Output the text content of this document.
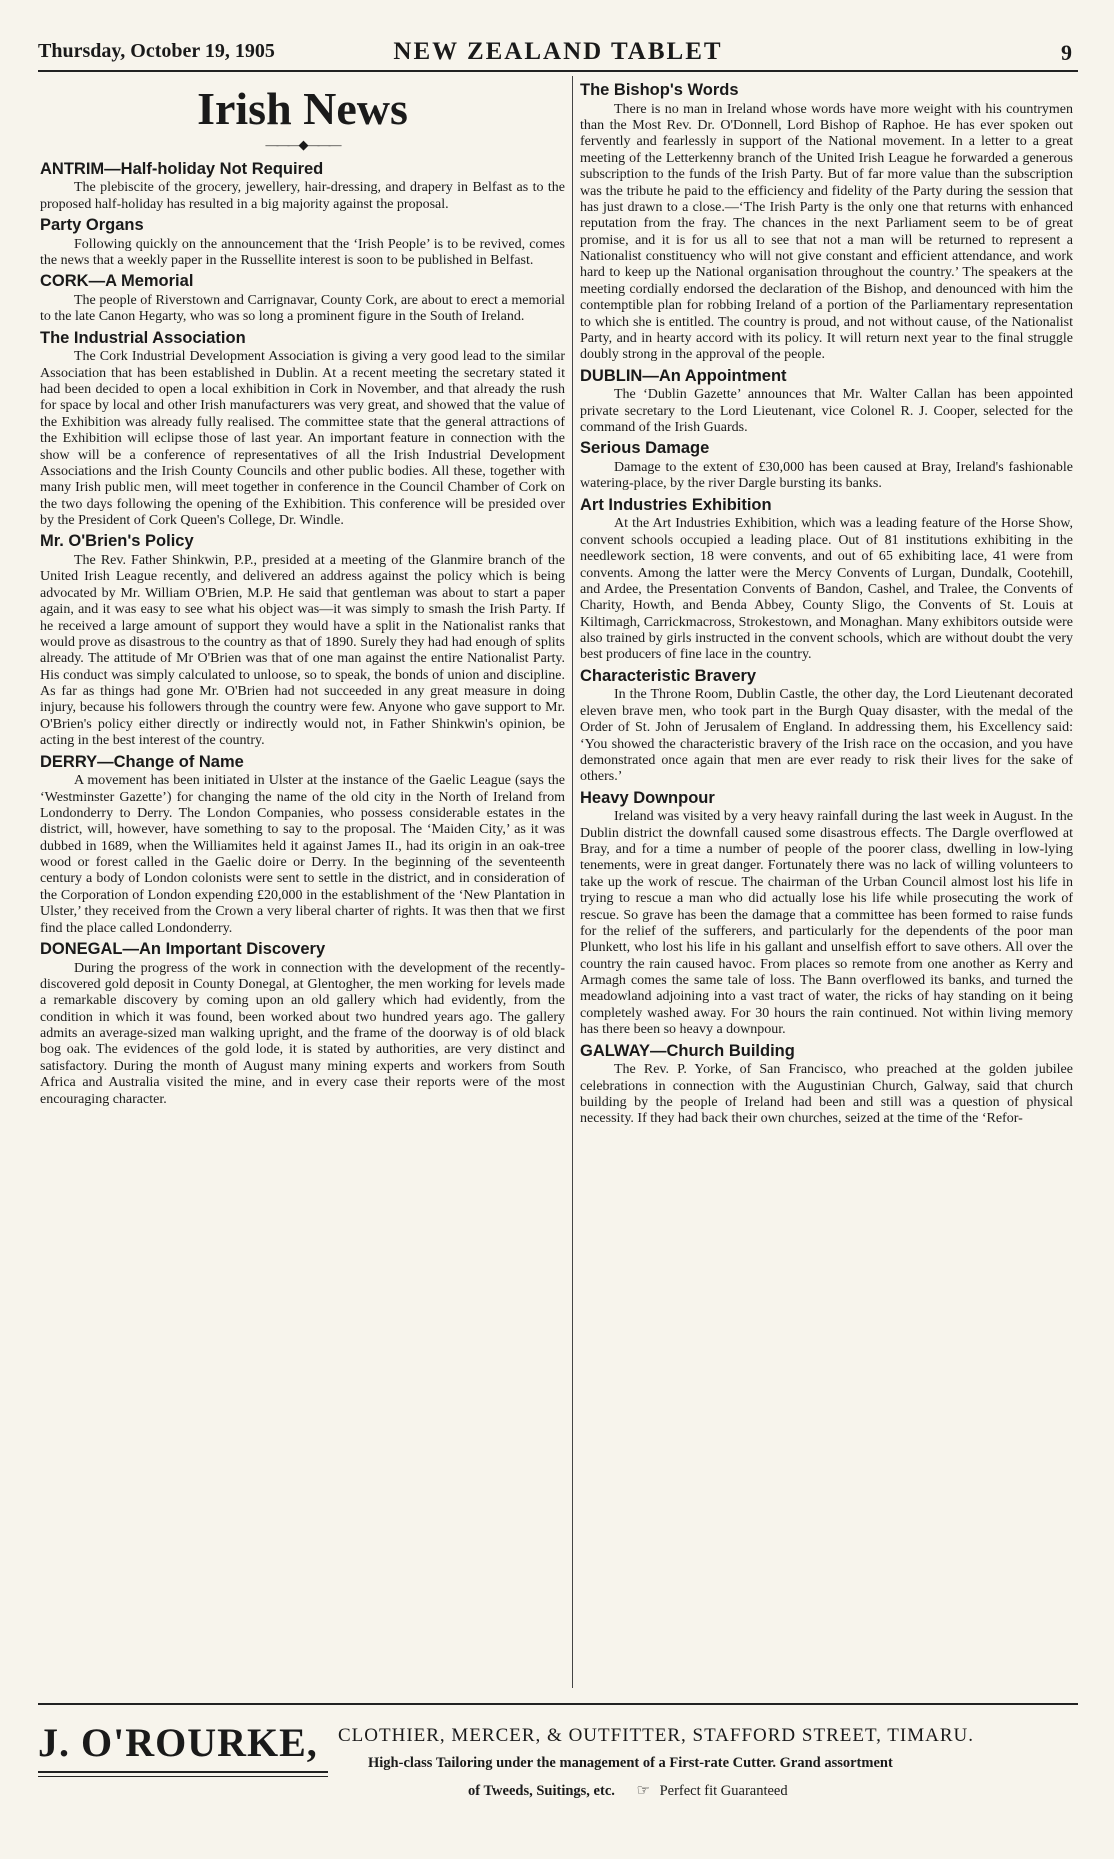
Thursday, October 19, 1905	NEW ZEALAND TABLET	9
Irish News
———◆———
ANTRIM—Half-holiday Not Required

The plebiscite of the grocery, jewellery, hair-dressing, and drapery in Belfast as to the proposed half-holiday has resulted in a big majority against the proposal.

Party Organs

Following quickly on the announcement that the ‘Irish People’ is to be revived, comes the news that a weekly paper in the Russellite interest is soon to be published in Belfast.

CORK—A Memorial

The people of Riverstown and Carrignavar, County Cork, are about to erect a memorial to the late Canon Hegarty, who was so long a prominent figure in the South of Ireland.

The Industrial Association

The Cork Industrial Development Association is giving a very good lead to the similar Association that has been established in Dublin. At a recent meeting the secretary stated it had been decided to open a local exhibition in Cork in November, and that already the rush for space by local and other Irish manufacturers was very great, and showed that the value of the Exhibition was already fully realised. The committee state that the general attractions of the Exhibition will eclipse those of last year. An important feature in connection with the show will be a conference of representatives of all the Irish Industrial Development Associations and the Irish County Councils and other public bodies. All these, together with many Irish public men, will meet together in conference in the Council Chamber of Cork on the two days following the opening of the Exhibition. This conference will be presided over by the President of Cork Queen's College, Dr. Windle.

Mr. O'Brien's Policy

The Rev. Father Shinkwin, P.P., presided at a meeting of the Glanmire branch of the United Irish League recently, and delivered an address against the policy which is being advocated by Mr. William O'Brien, M.P. He said that gentleman was about to start a paper again, and it was easy to see what his object was—it was simply to smash the Irish Party. If he received a large amount of support they would have a split in the Nationalist ranks that would prove as disastrous to the country as that of 1890. Surely they had had enough of splits already. The attitude of Mr O'Brien was that of one man against the entire Nationalist Party. His conduct was simply calculated to unloose, so to speak, the bonds of union and discipline. As far as things had gone Mr. O'Brien had not succeeded in any great measure in doing injury, because his followers through the country were few. Anyone who gave support to Mr. O'Brien's policy either directly or indirectly would not, in Father Shinkwin's opinion, be acting in the best interest of the country.

DERRY—Change of Name

A movement has been initiated in Ulster at the instance of the Gaelic League (says the ‘Westminster Gazette’) for changing the name of the old city in the North of Ireland from Londonderry to Derry. The London Companies, who possess considerable estates in the district, will, however, have something to say to the proposal. The ‘Maiden City,’ as it was dubbed in 1689, when the Williamites held it against James II., had its origin in an oak-tree wood or forest called in the Gaelic doire or Derry. In the beginning of the seventeenth century a body of London colonists were sent to settle in the district, and in consideration of the Corporation of London expending £20,000 in the establishment of the ‘New Plantation in Ulster,’ they received from the Crown a very liberal charter of rights. It was then that we first find the place called Londonderry.

DONEGAL—An Important Discovery

During the progress of the work in connection with the development of the recently-discovered gold deposit in County Donegal, at Glentogher, the men working for levels made a remarkable discovery by coming upon an old gallery which had evidently, from the condition in which it was found, been worked about two hundred years ago. The gallery admits an average-sized man walking upright, and the frame of the doorway is of old black bog oak. The evidences of the gold lode, it is stated by authorities, are very distinct and satisfactory. During the month of August many mining experts and workers from South Africa and Australia visited the mine, and in every case their reports were of the most encouraging character.

The Bishop's Words

There is no man in Ireland whose words have more weight with his countrymen than the Most Rev. Dr. O'Donnell, Lord Bishop of Raphoe. He has ever spoken out fervently and fearlessly in support of the National movement. In a letter to a great meeting of the Letterkenny branch of the United Irish League he forwarded a generous subscription to the funds of the Irish Party. But of far more value than the subscription was the tribute he paid to the efficiency and fidelity of the Party during the session that has just drawn to a close.—‘The Irish Party is the only one that returns with enhanced reputation from the fray. The chances in the next Parliament seem to be of great promise, and it is for us all to see that not a man will be returned to represent a Nationalist constituency who will not give constant and efficient attendance, and work hard to keep up the National organisation throughout the country.’ The speakers at the meeting cordially endorsed the declaration of the Bishop, and denounced with him the contemptible plan for robbing Ireland of a portion of the Parliamentary representation to which she is entitled. The country is proud, and not without cause, of the Nationalist Party, and in hearty accord with its policy. It will return next year to the final struggle doubly strong in the approval of the people.

DUBLIN—An Appointment

The ‘Dublin Gazette’ announces that Mr. Walter Callan has been appointed private secretary to the Lord Lieutenant, vice Colonel R. J. Cooper, selected for the command of the Irish Guards.

Serious Damage

Damage to the extent of £30,000 has been caused at Bray, Ireland's fashionable watering-place, by the river Dargle bursting its banks.

Art Industries Exhibition

At the Art Industries Exhibition, which was a leading feature of the Horse Show, convent schools occupied a leading place. Out of 81 institutions exhibiting in the needlework section, 18 were convents, and out of 65 exhibiting lace, 41 were from convents. Among the latter were the Mercy Convents of Lurgan, Dundalk, Cootehill, and Ardee, the Presentation Convents of Bandon, Cashel, and Tralee, the Convents of Charity, Howth, and Benda Abbey, County Sligo, the Convents of St. Louis at Kiltimagh, Carrickmacross, Strokestown, and Monaghan. Many exhibitors outside were also trained by girls instructed in the convent schools, which are without doubt the very best producers of fine lace in the country.

Characteristic Bravery

In the Throne Room, Dublin Castle, the other day, the Lord Lieutenant decorated eleven brave men, who took part in the Burgh Quay disaster, with the medal of the Order of St. John of Jerusalem of England. In addressing them, his Excellency said: ‘You showed the characteristic bravery of the Irish race on the occasion, and you have demonstrated once again that men are ever ready to risk their lives for the sake of others.’

Heavy Downpour

Ireland was visited by a very heavy rainfall during the last week in August. In the Dublin district the downfall caused some disastrous effects. The Dargle overflowed at Bray, and for a time a number of people of the poorer class, dwelling in low-lying tenements, were in great danger. Fortunately there was no lack of willing volunteers to take up the work of rescue. The chairman of the Urban Council almost lost his life in trying to rescue a man who did actually lose his life while prosecuting the work of rescue. So grave has been the damage that a committee has been formed to raise funds for the relief of the sufferers, and particularly for the dependents of the poor man Plunkett, who lost his life in his gallant and unselfish effort to save others. All over the country the rain caused havoc. From places so remote from one another as Kerry and Armagh comes the same tale of loss. The Bann overflowed its banks, and turned the meadowland adjoining into a vast tract of water, the ricks of hay standing on it being completely washed away. For 30 hours the rain continued. Not within living memory has there been so heavy a downpour.

GALWAY—Church Building

The Rev. P. Yorke, of San Francisco, who preached at the golden jubilee celebrations in connection with the Augustinian Church, Galway, said that church building by the people of Ireland had been and still was a question of physical necessity. If they had back their own churches, seized at the time of the ‘Refor-

J. O'ROURKE, CLOTHIER, MERCER, & OUTFITTER, STAFFORD STREET, TIMARU.
High-class Tailoring under the management of a First-rate Cutter. Grand assortment
of Tweeds, Suitings, etc. ☞ Perfect fit Guaranteed
